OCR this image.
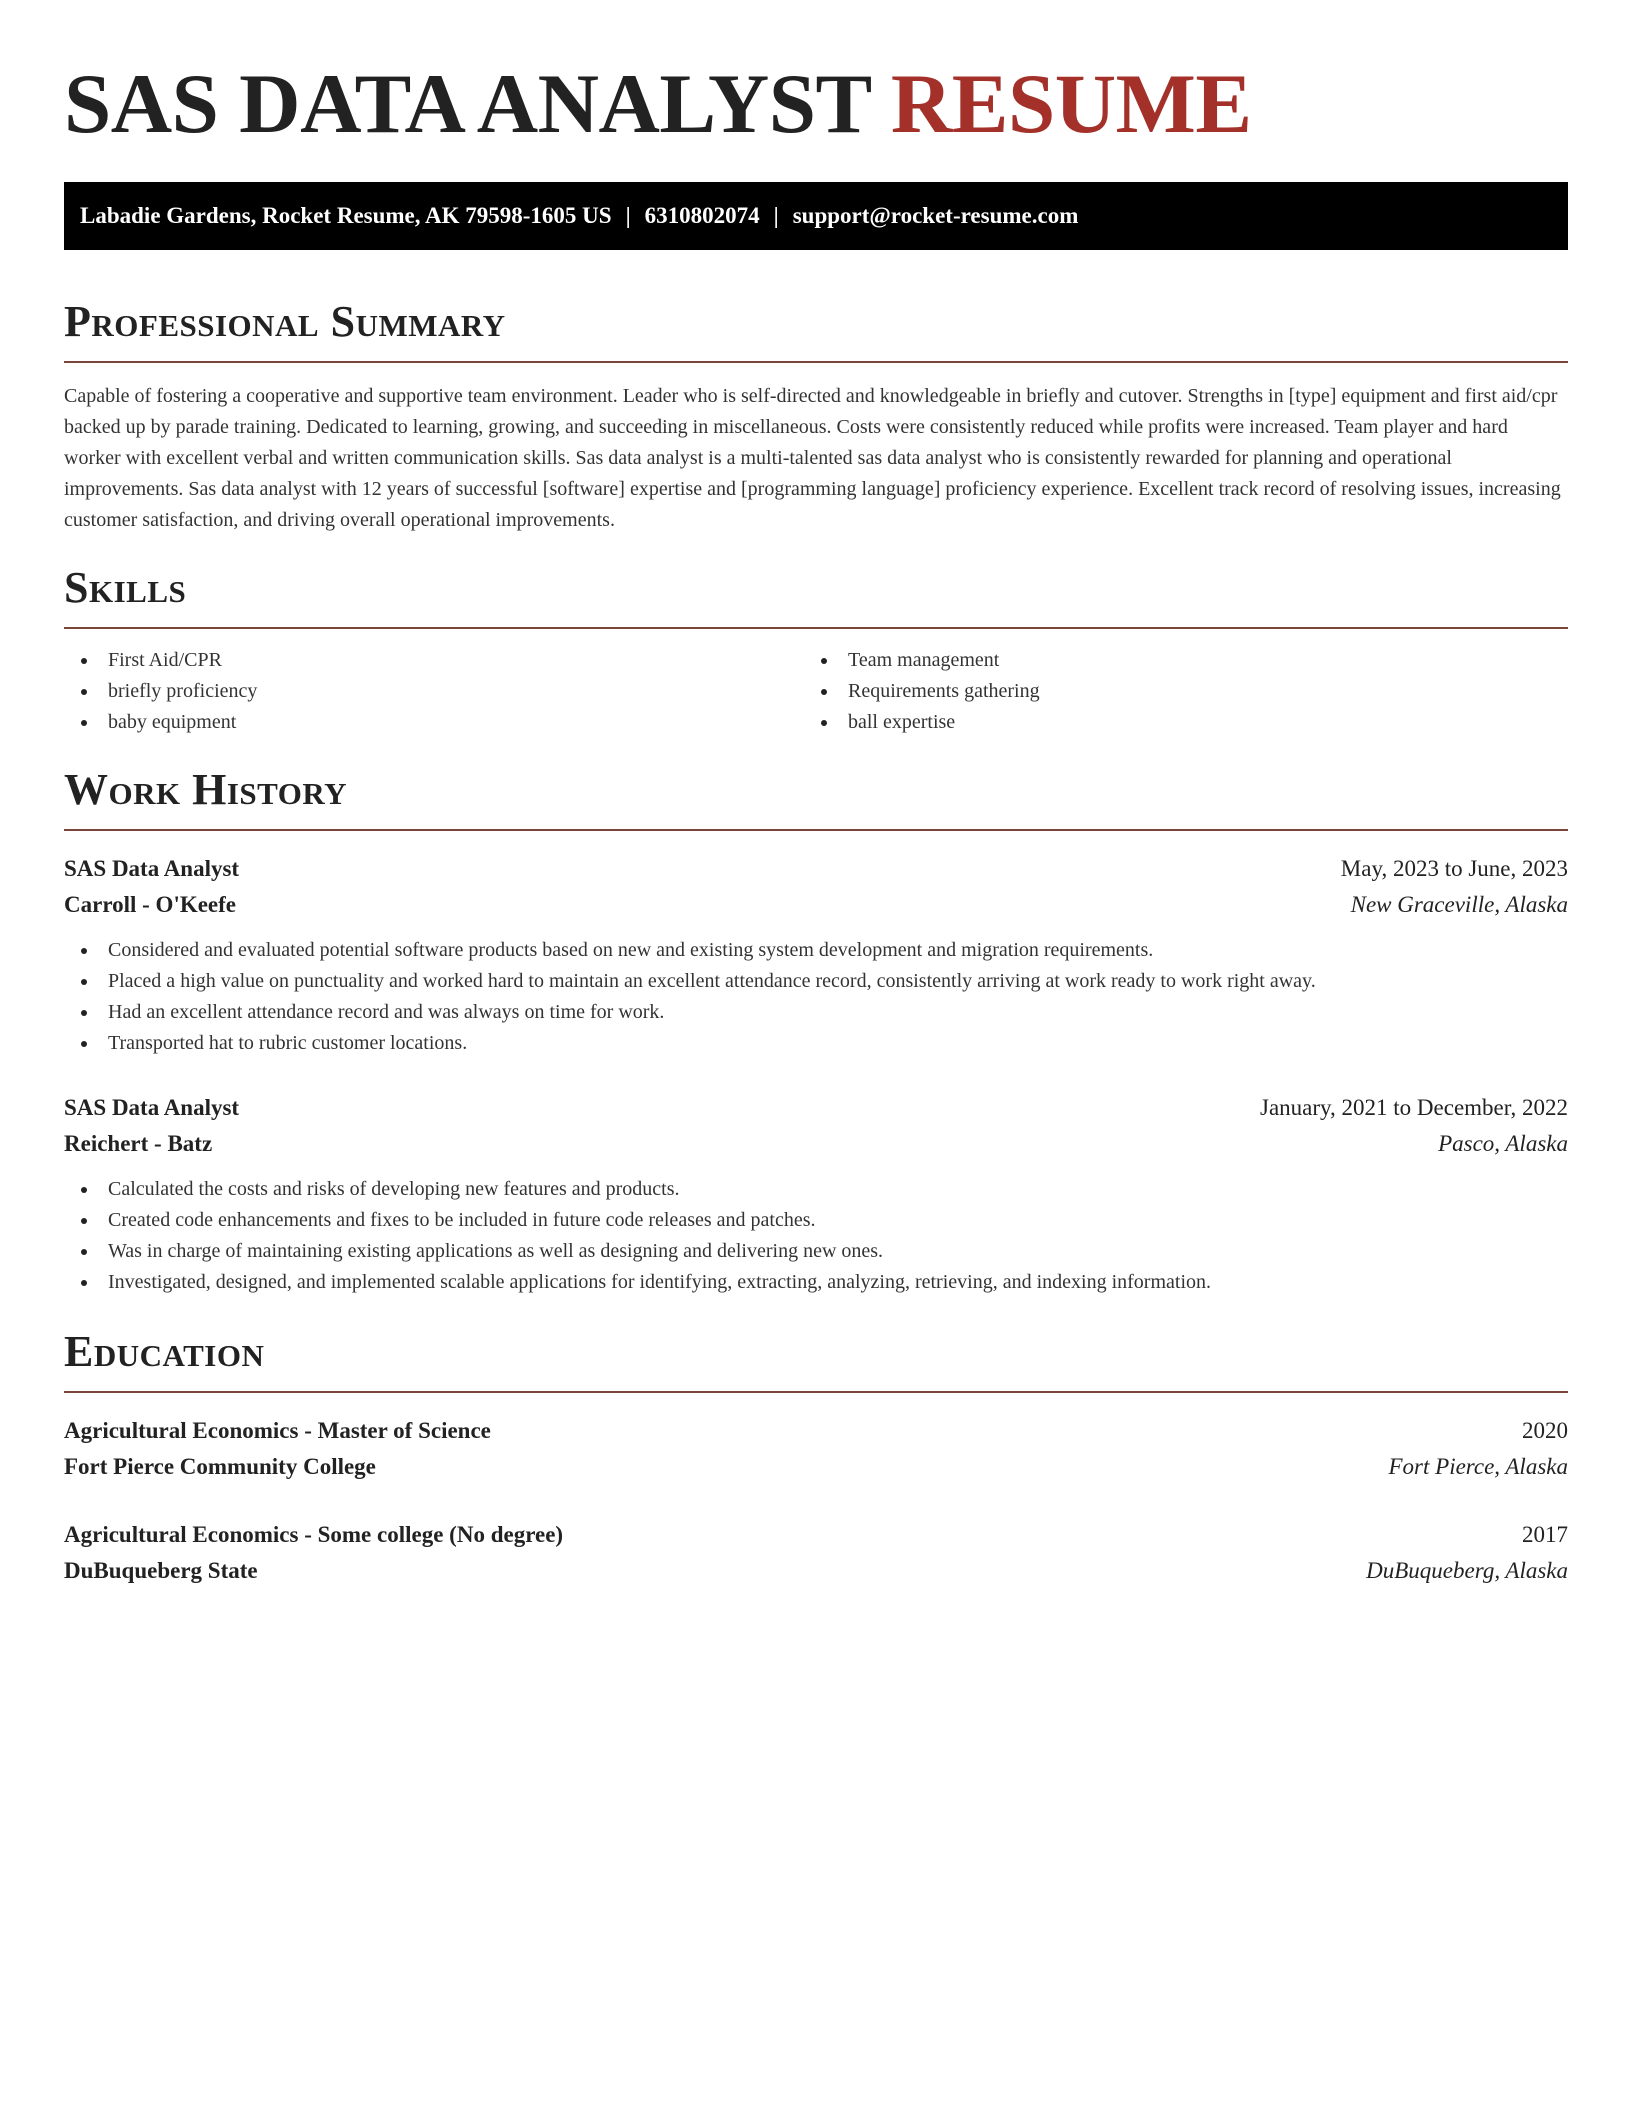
SAS DATA ANALYST RESUME
Labadie Gardens, Rocket Resume, AK 79598-1605 US | 6310802074 | support@rocket-resume.com
Professional Summary

Capable of fostering a cooperative and supportive team environment. Leader who is self-directed and knowledgeable in briefly and cutover. Strengths in [type] equipment and first aid/cpr backed up by parade training. Dedicated to learning, growing, and succeeding in miscellaneous. Costs were consistently reduced while profits were increased. Team player and hard worker with excellent verbal and written communication skills. Sas data analyst is a multi-talented sas data analyst who is consistently rewarded for planning and operational improvements. Sas data analyst with 12 years of successful [software] expertise and [programming language] proficiency experience. Excellent track record of resolving issues, increasing customer satisfaction, and driving overall operational improvements.

Skills
First Aid/CPR
briefly proficiency
baby equipment
Team management
Requirements gathering
ball expertise
Work History
SAS Data Analyst	May, 2023 to June, 2023
Carroll - O'Keefe	New Graceville, Alaska
Considered and evaluated potential software products based on new and existing system development and migration requirements.
Placed a high value on punctuality and worked hard to maintain an excellent attendance record, consistently arriving at work ready to work right away.
Had an excellent attendance record and was always on time for work.
Transported hat to rubric customer locations.
SAS Data Analyst	January, 2021 to December, 2022
Reichert - Batz	Pasco, Alaska
Calculated the costs and risks of developing new features and products.
Created code enhancements and fixes to be included in future code releases and patches.
Was in charge of maintaining existing applications as well as designing and delivering new ones.
Investigated, designed, and implemented scalable applications for identifying, extracting, analyzing, retrieving, and indexing information.
Education
Agricultural Economics - Master of Science	2020
Fort Pierce Community College	Fort Pierce, Alaska
Agricultural Economics - Some college (No degree)	2017
DuBuqueberg State	DuBuqueberg, Alaska
